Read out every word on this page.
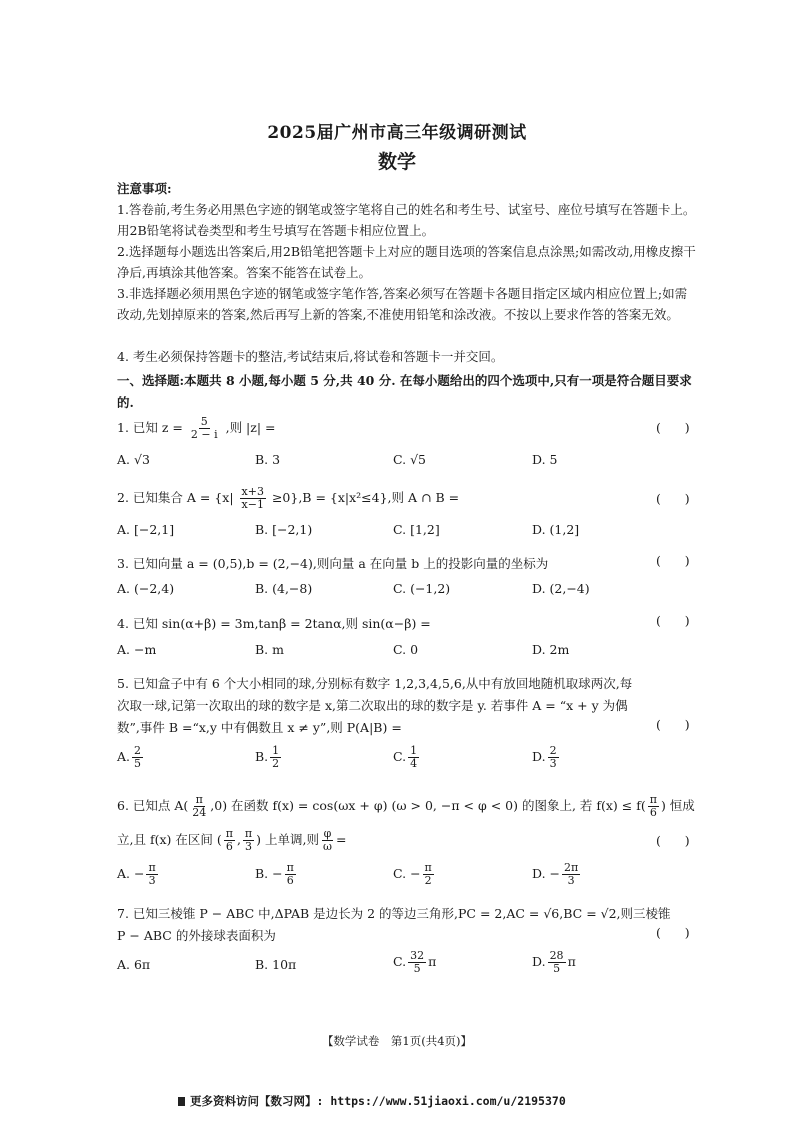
2025届广州市高三年级调研测试
数学
注意事项:
1.答卷前,考生务必用黑色字迹的钢笔或签字笔将自己的姓名和考生号、试室号、座位号填写在答题卡上。用2B铅笔将试卷类型和考生号填写在答题卡相应位置上。
2.选择题每小题选出答案后,用2B铅笔把答题卡上对应的题目选项的答案信息点涂黑;如需改动,用橡皮擦干净后,再填涂其他答案。答案不能答在试卷上。
3.非选择题必须用黑色字迹的钢笔或签字笔作答,答案必须写在答题卡各题目指定区域内相应位置上;如需改动,先划掉原来的答案,然后再写上新的答案,不准使用铅笔和涂改液。不按以上要求作答的答案无效。
4. 考生必须保持答题卡的整洁,考试结束后,将试卷和答题卡一并交回。
一、选择题:本题共 8 小题,每小题 5 分,共 40 分. 在每小题给出的四个选项中,只有一项是符合题目要求的.
1. 已知 $z = \frac{5}{2 - i}$ ,则 |z| =	(      )
A. √3	B. 3	C. √5	D. 5
2. 已知集合 $A = \{x| \frac{x+3}{x-1} \ge 0\},B = \{x|x^2\le 4\}$,则 A ∩ B =	(      )
A. [−2,1]	B. [−2,1)	C. [1,2]	D. (1,2]
3. 已知向量 a = (0,5),b = (2,−4),则向量 a 在向量 b 上的投影向量的坐标为	(      )
A. (−2,4)	B. (4,−8)	C. (−1,2)	D. (2,−4)
4. 已知 sin(α+β) = 3m,tanβ = 2tanα,则 sin(α−β) =	(      )
A. −m	B. m	C. 0	D. 2m
5. 已知盒子中有 6 个大小相同的球,分别标有数字 1,2,3,4,5,6,从中有放回地随机取球两次,每
次取一球,记第一次取出的球的数字是 x,第二次取出的球的数字是 y. 若事件 A = “x + y 为偶
数”,事件 B =“x,y 中有偶数且 x ≠ y”,则 P(A|B) =	(      )
A. $\frac{2}{5}$	B. $\frac{1}{2}$	C. $\frac{1}{4}$	D. $\frac{2}{3}$
6. 已知点 $A( \frac{\pi}{24} ,0)$ 在函数 f(x) = cos(ωx + φ) (ω > 0, −π < φ < 0) 的图象上, 若 $f(x) \le f( \frac{\pi}{6}$ ) 恒成
立,且 f(x) 在区间 ( $\frac{\pi}{6}$ , $\frac{\pi}{3}$ ) 上单调,则 $\frac{\varphi}{\omega}$ =	(      )
A. − $\frac{\pi}{3}$	B. − $\frac{\pi}{6}$	C. − $\frac{\pi}{2}$	D. − $\frac{2\pi}{3}$
7. 已知三棱锥 P − ABC 中,ΔPAB 是边长为 2 的等边三角形,PC = 2,AC = √6,BC = √2,则三棱锥
P − ABC 的外接球表面积为	(      )
A. 6π	B. 10π	C. $\frac{32}{5}$ π	D. $\frac{28}{5}$ π
【数学试卷　第1页(共4页)】
更多资料访问【数习网】: https://www.51jiaoxi.com/u/2195370
